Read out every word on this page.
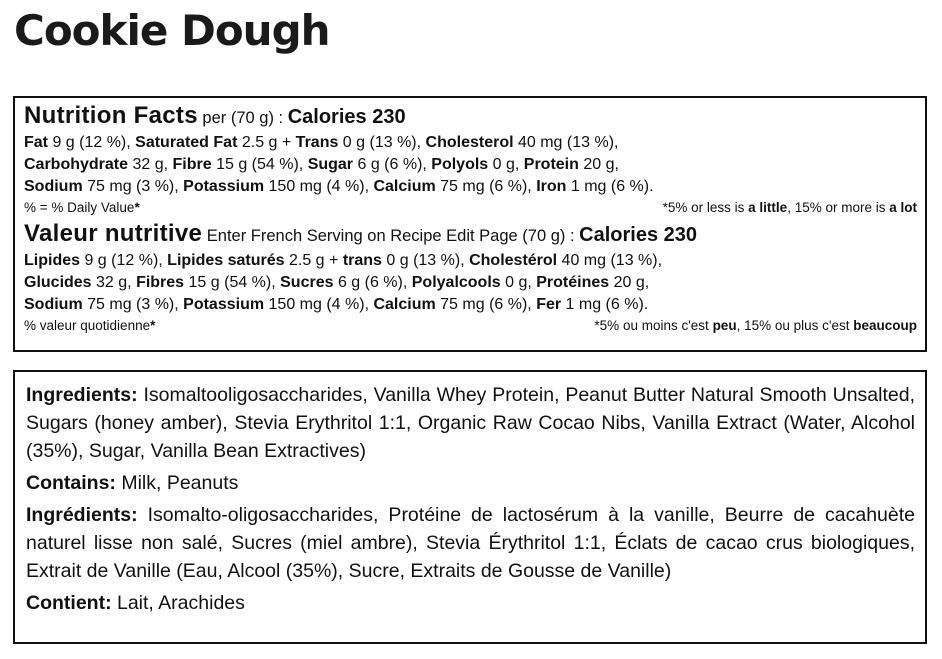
Cookie Dough
Nutrition Facts per (70 g) : Calories 230
Fat 9 g (12 %), Saturated Fat 2.5 g + Trans 0 g (13 %), Cholesterol 40 mg (13 %),
Carbohydrate 32 g, Fibre 15 g (54 %), Sugar 6 g (6 %), Polyols 0 g, Protein 20 g,
Sodium 75 mg (3 %), Potassium 150 mg (4 %), Calcium 75 mg (6 %), Iron 1 mg (6 %).
% = % Daily Value*	*5% or less is a little, 15% or more is a lot
Valeur nutritive Enter French Serving on Recipe Edit Page (70 g) : Calories 230
Lipides 9 g (12 %), Lipides saturés 2.5 g + trans 0 g (13 %), Cholestérol 40 mg (13 %),
Glucides 32 g, Fibres 15 g (54 %), Sucres 6 g (6 %), Polyalcools 0 g, Protéines 20 g,
Sodium 75 mg (3 %), Potassium 150 mg (4 %), Calcium 75 mg (6 %), Fer 1 mg (6 %).
% valeur quotidienne*	*5% ou moins c'est peu, 15% ou plus c'est beaucoup

Ingredients: Isomaltooligosaccharides, Vanilla Whey Protein, Peanut Butter Natural Smooth Unsalted, Sugars (honey amber), Stevia Erythritol 1:1, Organic Raw Cocao Nibs, Vanilla Extract (Water, Alcohol (35%), Sugar, Vanilla Bean Extractives)

Contains: Milk, Peanuts

Ingrédients: Isomalto-oligosaccharides, Protéine de lactosérum à la vanille, Beurre de cacahuète naturel lisse non salé, Sucres (miel ambre), Stevia Érythritol 1:1, Éclats de cacao crus biologiques, Extrait de Vanille (Eau, Alcool (35%), Sucre, Extraits de Gousse de Vanille)

Contient: Lait, Arachides
